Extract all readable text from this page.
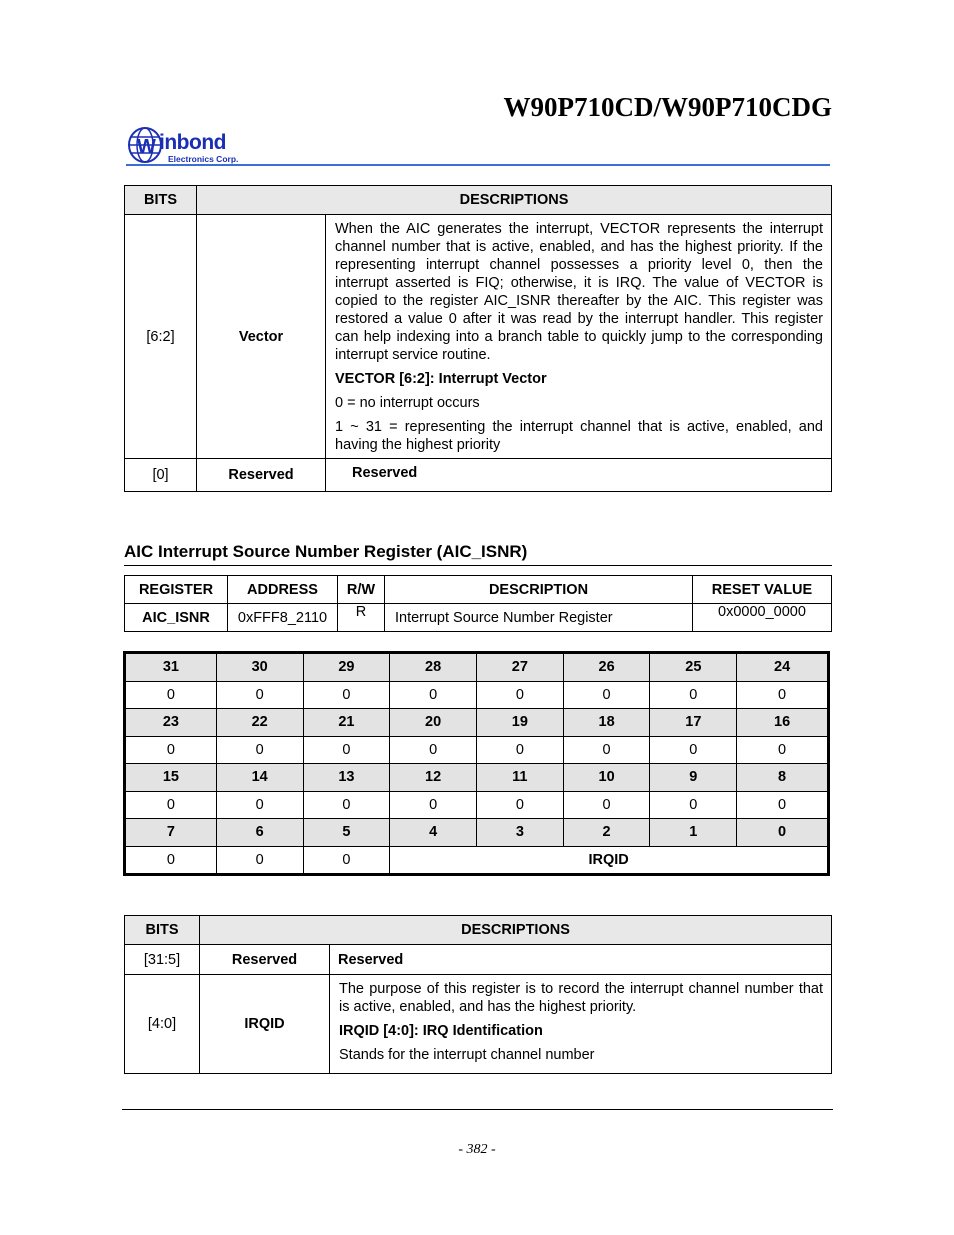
W90P710CD/W90P710CDG
W inbond
Electronics Corp.
BITS	DESCRIPTIONS	
[6:2]	Vector	When the AIC generates the interrupt, VECTOR represents the interrupt channel number that is active, enabled, and has the highest priority. If the representing interrupt channel possesses a priority level 0, then the interrupt asserted is FIQ; otherwise, it is IRQ. The value of VECTOR is copied to the register AIC_ISNR thereafter by the AIC. This register was restored a value 0 after it was read by the interrupt handler. This register can help indexing into a branch table to quickly jump to the corresponding interrupt service routine.

VECTOR [6:2]: Interrupt Vector

0 = no interrupt occurs

1 ~ 31 = representing the interrupt channel that is active, enabled, and having the highest priority

[0]	Reserved	Reserved
AIC Interrupt Source Number Register (AIC_ISNR)
REGISTER	ADDRESS	R/W	DESCRIPTION	RESET VALUE
AIC_ISNR	0xFFF8_2110	R	Interrupt Source Number Register	0x0000_0000
31	30	29	28	27	26	25	24
0	0	0	0	0	0	0	0
23	22	21	20	19	18	17	16
0	0	0	0	0	0	0	0
15	14	13	12	11	10	9	8
0	0	0	0	0	0	0	0
7	6	5	4	3	2	1	0
0	0	0	IRQID				
BITS	DESCRIPTIONS	
[31:5]	Reserved	Reserved
[4:0]	IRQID	The purpose of this register is to record the interrupt channel number that is active, enabled, and has the highest priority.

IRQID [4:0]: IRQ Identification

Stands for the interrupt channel number

- 382 -
